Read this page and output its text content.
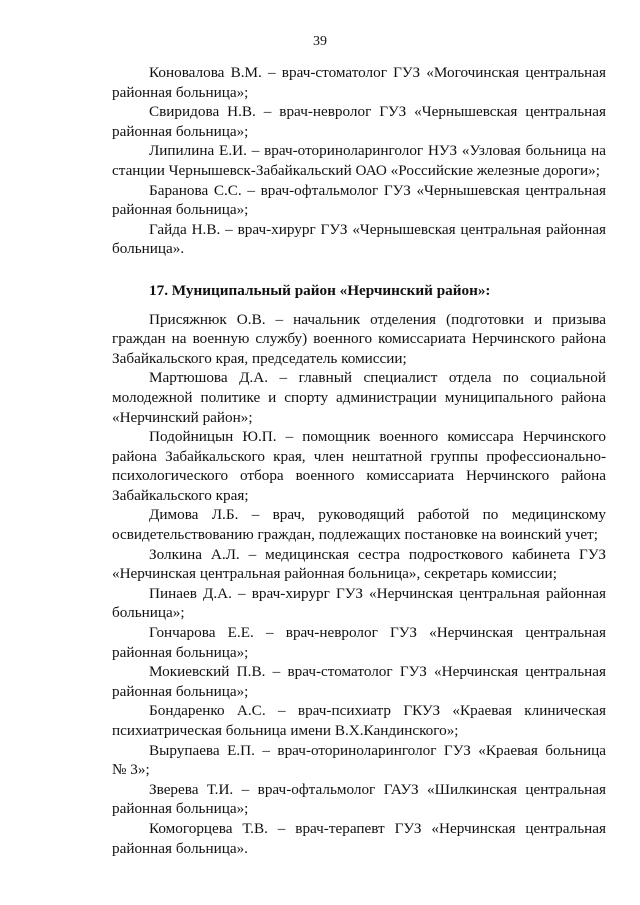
39
Коновалова В.М. – врач-стоматолог ГУЗ «Могочинская центральная
районная больница»;
Свиридова Н.В. – врач-невролог ГУЗ «Чернышевская центральная
районная больница»;
Липилина Е.И. – врач-оториноларинголог НУЗ «Узловая больница на
станции Чернышевск-Забайкальский ОАО «Российские железные дороги»;
Баранова С.С. – врач-офтальмолог ГУЗ «Чернышевская центральная
районная больница»;
Гайда Н.В. – врач-хирург ГУЗ «Чернышевская центральная районная
больница».
17. Муниципальный район «Нерчинский район»:
Присяжнюк О.В. – начальник отделения (подготовки и призыва
граждан на военную службу) военного комиссариата Нерчинского района
Забайкальского края, председатель комиссии;
Мартюшова Д.А. – главный специалист отдела по социальной
молодежной политике и спорту администрации муниципального района
«Нерчинский район»;
Подойницын Ю.П. – помощник военного комиссара Нерчинского
района Забайкальского края, член нештатной группы профессионально-
психологического отбора военного комиссариата Нерчинского района
Забайкальского края;
Димова Л.Б. – врач, руководящий работой по медицинскому
освидетельствованию граждан, подлежащих постановке на воинский учет;
Золкина А.Л. – медицинская сестра подросткового кабинета ГУЗ
«Нерчинская центральная районная больница», секретарь комиссии;
Пинаев Д.А. – врач-хирург ГУЗ «Нерчинская центральная районная
больница»;
Гончарова Е.Е. – врач-невролог ГУЗ «Нерчинская центральная
районная больница»;
Мокиевский П.В. – врач-стоматолог ГУЗ «Нерчинская центральная
районная больница»;
Бондаренко А.С. – врач-психиатр ГКУЗ «Краевая клиническая
психиатрическая больница имени В.Х.Кандинского»;
Вырупаева Е.П. – врач-оториноларинголог ГУЗ «Краевая больница
№ 3»;
Зверева Т.И. – врач-офтальмолог ГАУЗ «Шилкинская центральная
районная больница»;
Комогорцева Т.В. – врач-терапевт ГУЗ «Нерчинская центральная
районная больница».
